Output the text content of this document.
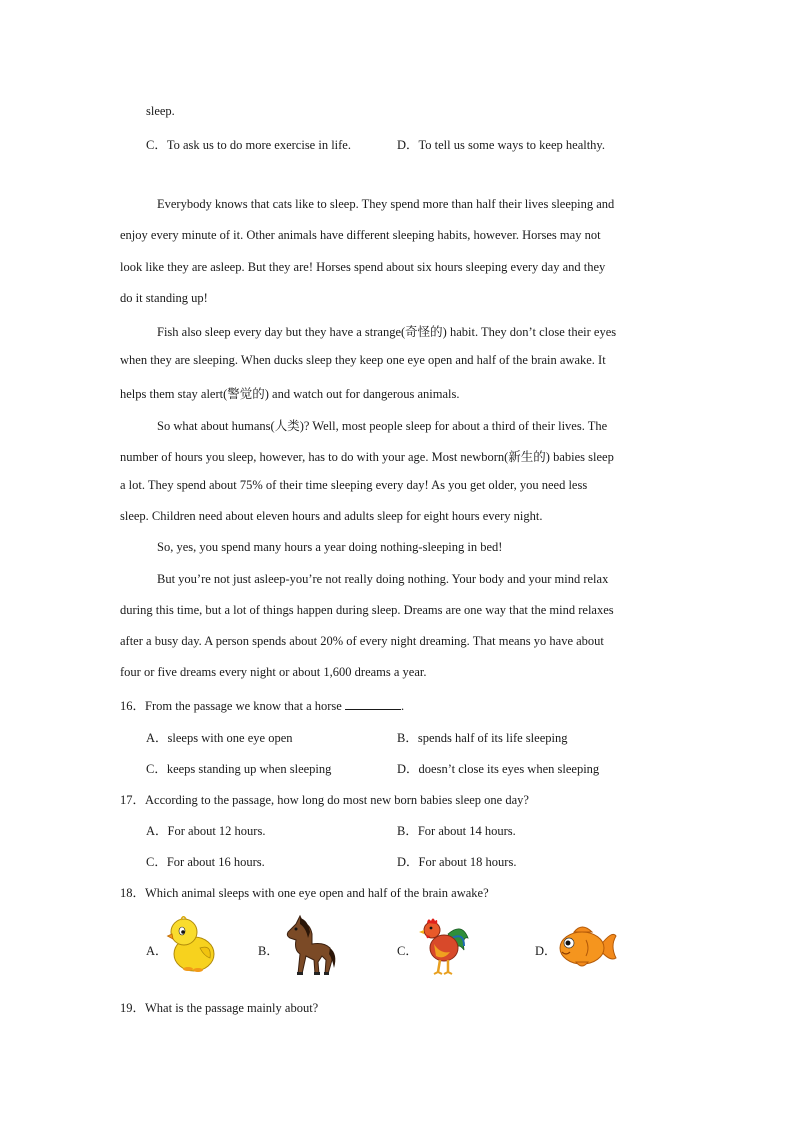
sleep.
C．To ask us to do more exercise in life.	D．To tell us some ways to keep healthy.
Everybody knows that cats like to sleep. They spend more than half their lives sleeping and
enjoy every minute of it. Other animals have different sleeping habits, however. Horses may not
look like they are asleep. But they are! Horses spend about six hours sleeping every day and they
do it standing up!
Fish also sleep every day but they have a strange(奇怪的) habit. They don’t close their eyes
when they are sleeping. When ducks sleep they keep one eye open and half of the brain awake. It
helps them stay alert(警觉的) and watch out for dangerous animals.
So what about humans(人类)? Well, most people sleep for about a third of their lives. The
number of hours you sleep, however, has to do with your age. Most newborn(新生的) babies sleep
a lot. They spend about 75% of their time sleeping every day! As you get older, you need less
sleep. Children need about eleven hours and adults sleep for eight hours every night.
So, yes, you spend many hours a year doing nothing-sleeping in bed!
But you’re not just asleep-you’re not really doing nothing. Your body and your mind relax
during this time, but a lot of things happen during sleep. Dreams are one way that the mind relaxes
after a busy day. A person spends about 20% of every night dreaming. That means yo have about
four or five dreams every night or about 1,600 dreams a year.
16．From the passage we know that a horse	.
A．sleeps with one eye open	B．spends half of its life sleeping
C．keeps standing up when sleeping	D．doesn’t close its eyes when sleeping
17．According to the passage, how long do most new born babies sleep one day?
A．For about 12 hours.	B．For about 14 hours.
C．For about 16 hours.	D．For about 18 hours.
18．Which animal sleeps with one eye open and half of the brain awake?
A．	B．	C．	D．
19．What is the passage mainly about?
